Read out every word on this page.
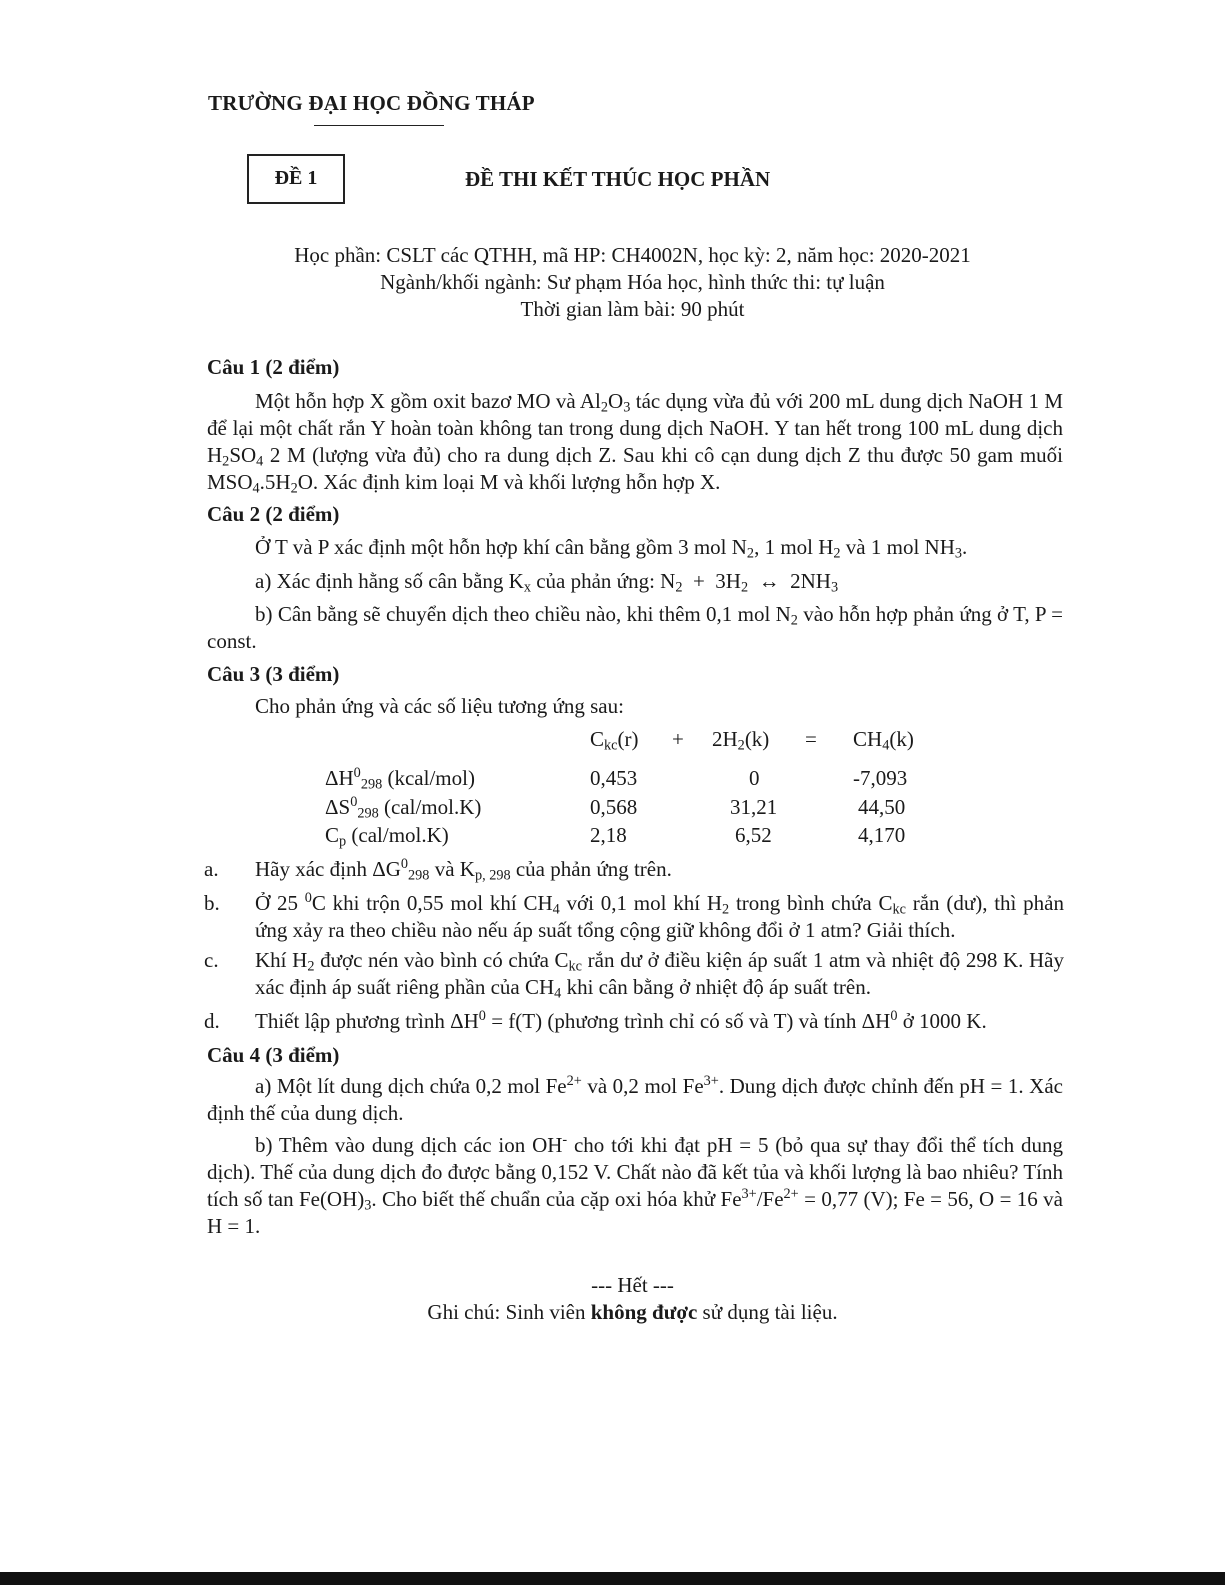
TRƯỜNG ĐẠI HỌC ĐỒNG THÁP
ĐỀ 1	ĐỀ THI KẾT THÚC HỌC PHẦN
Học phần: CSLT các QTHH, mã HP: CH4002N, học kỳ: 2, năm học: 2020-2021
Ngành/khối ngành: Sư phạm Hóa học, hình thức thi: tự luận
Thời gian làm bài: 90 phút
Câu 1 (2 điểm)
Một hỗn hợp X gồm oxit bazơ MO và $Al_2O_3$ tác dụng vừa đủ với 200 mL dung dịch NaOH 1 M để lại một chất rắn Y hoàn toàn không tan trong dung dịch NaOH. Y tan hết trong 100 mL dung dịch $H_2SO_4$ 2 M (lượng vừa đủ) cho ra dung dịch Z. Sau khi cô cạn dung dịch Z thu được 50 gam muối $MSO_4.5H_2O$. Xác định kim loại M và khối lượng hỗn hợp X.
Câu 2 (2 điểm)
Ở T và P xác định một hỗn hợp khí cân bằng gồm 3 mol $N_2$, 1 mol $H_2$ và 1 mol $NH_3$.
a) Xác định hằng số cân bằng $K_x$ của phản ứng: $N_2 + 3H_2$  ↔  $2NH_3$
b) Cân bằng sẽ chuyển dịch theo chiều nào, khi thêm 0,1 mol $N_2$ vào hỗn hợp phản ứng ở T, P = const.
Câu 3 (3 điểm)
Cho phản ứng và các số liệu tương ứng sau:
$C_{kc}(r) + 2H_2(k) = CH_4(k)$
$\Delta H^0_{298}$ (kcal/mol)	0,453	0	-7,093
$\Delta S^0_{298}$ (cal/mol.K)	0,568	31,21	44,50
$C_p$ (cal/mol.K)	2,18	6,52	4,170
a. Hãy xác định $\Delta G^0_{298}$ và $K_{p, 298}$ của phản ứng trên.
b. Ở 25 $^0$C khi trộn 0,55 mol khí $CH_4$ với 0,1 mol khí $H_2$ trong bình chứa $C_{kc}$ rắn (dư), thì phản ứng xảy ra theo chiều nào nếu áp suất tổng cộng giữ không đổi ở 1 atm? Giải thích.
c. Khí $H_2$ được nén vào bình có chứa $C_{kc}$ rắn dư ở điều kiện áp suất 1 atm và nhiệt độ 298 K. Hãy xác định áp suất riêng phần của $CH_4$ khi cân bằng ở nhiệt độ áp suất trên.
d. Thiết lập phương trình $\Delta H^0 = f(T)$ (phương trình chỉ có số và T) và tính $\Delta H^0$ ở 1000 K.
Câu 4 (3 điểm)
a) Một lít dung dịch chứa 0,2 mol $Fe^{2+}$ và 0,2 mol $Fe^{3+}$. Dung dịch được chỉnh đến pH = 1. Xác định thế của dung dịch.
b) Thêm vào dung dịch các ion OH- cho tới khi đạt pH = 5 (bỏ qua sự thay đổi thể tích dung dịch). Thế của dung dịch đo được bằng 0,152 V. Chất nào đã kết tủa và khối lượng là bao nhiêu? Tính tích số $\tan Fe(OH)_3$. Cho biết thế chuẩn của cặp oxi hóa khử $Fe^{3+}/Fe^{2+} = 0,77$ (V); Fe = 56, O = 16 và H = 1.
--- Hết ---
Ghi chú: Sinh viên không được sử dụng tài liệu.
